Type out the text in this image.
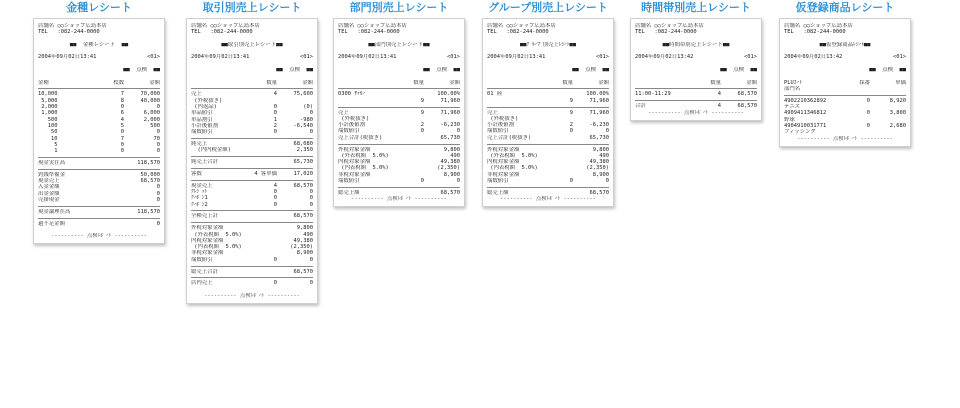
金種レシート
店舗名 ○○ショップ広島本店
TEL   :082-244-0000
■■  金種レシート  ■■
2004年09月02日13:41	<01>
■■  点検  ■■
金種	枚数	金額
10,000	7	70,000
5,000	8	40,000
2,000	0	0
1,000	6	6,000
500	4	2,000
100	5	500
50	0	0
10	7	70
5	0	0
1	0	0
現金実在高	118,570
釣銭準備金	50,000
現金売上	68,570
入金金額	0
出金金額	0
売掛現金	0
現金論理在高	118,570
過不足金額	0
---------- 点検ﾚﾎﾞｰﾄ ----------
取引別売上レシート
店舗名 ○○ショップ広島本店
TEL   :082-244-0000
■■取引別売上レシート■■
2004年09月02日13:41	<01>
■■  点検  ■■
数量	金額
売上	4	75,600
(外税抜き)
(内返品)	0	(0)
単品値引	0	0
単品割引	1	-980
小計後値割	2	-6,540
端数値引	0	0
純売上	68,080
(内内税金額)	2,350
純売上合計	65,730
客数	4 客単価	17,020
現金売上	4	68,570
ｸﾚｼﾞｯﾄ	0	0
ｸｰﾎﾟﾝ1	0	0
ｸｰﾎﾟﾝ2	0	0
全種売上計	68,570
外税対象金額	9,800
(外表税額  5.0%)	490
内税対象金額	49,380
(内表税額  5.0%)	(2,350)
非税対象金額	8,900
端数値引	0	0
総売上合計	68,570
店内売上	0	0
---------- 点検ﾚﾎﾞｰﾄ ----------
部門別売上レシート
店舗名 ○○ショップ広島本店
TEL   :082-244-0000
■■部門別売上レシート■■
2004年09月02日13:41	<01>
■■  点検  ■■
数量	金額
0300 ｻｯｶｰ	100.00%
9	71,960
売上	9	71,960
(外税抜き)
小計後値割	2	-6,230
端数値引	0	0
売上合計(税抜き)	65,730
外税対象金額	9,800
(外表税額  5.0%)	490
内税対象金額	49,380
(内表税額  5.0%)	(2,350)
非税対象金額	8,900
端数値引	0	0
総売上額	68,570
---------- 点検ﾚﾎﾞｰﾄ ----------
グループ別売上レシート
店舗名 ○○ショップ広島本店
TEL   :082-244-0000
■■ｸﾞﾙｰﾌﾟ別売上ﾚｼｰﾄ■■
2004年09月02日13:41	<01>
■■  点検  ■■
数量	金額
01 陸	100.00%
9	71,960
売上	9	71,960
(外税抜き)
小計後値割	2	-6,230
端数値引	0	0
売上合計(税抜き)	65,730
外税対象金額	9,800
(外表税額  5.0%)	490
内税対象金額	49,380
(内表税額  5.0%)	(2,350)
非税対象金額	8,900
端数値引	0	0
総売上額	68,570
---------- 点検ﾚﾎﾞｰﾄ ----------
時間帯別売上レシート
店舗名 ○○ショップ広島本店
TEL   :082-244-0000
■■時間帯別売上レシート■■
2004年09月02日13:42	<01>
■■  点検  ■■
数量	金額
11:00-11:29	4	68,570
合計	4	68,570
---------- 点検ﾚﾎﾞｰﾄ ----------
仮登録商品レシート
店舗名 ○○ショップ広島本店
TEL   :082-244-0000
■■仮登録商品ﾚｼｰﾄ■■
2004年09月02日13:42	<01>
■■  点検  ■■
PLUｺｰﾄﾞ	採番	単価
部門名
4902210362892	0	8,920
テニス
4909411346812	0	3,800
野球
4904910031771	0	2,680
フィッシング
---------- 点検ﾚﾎﾞｰﾄ ----------
